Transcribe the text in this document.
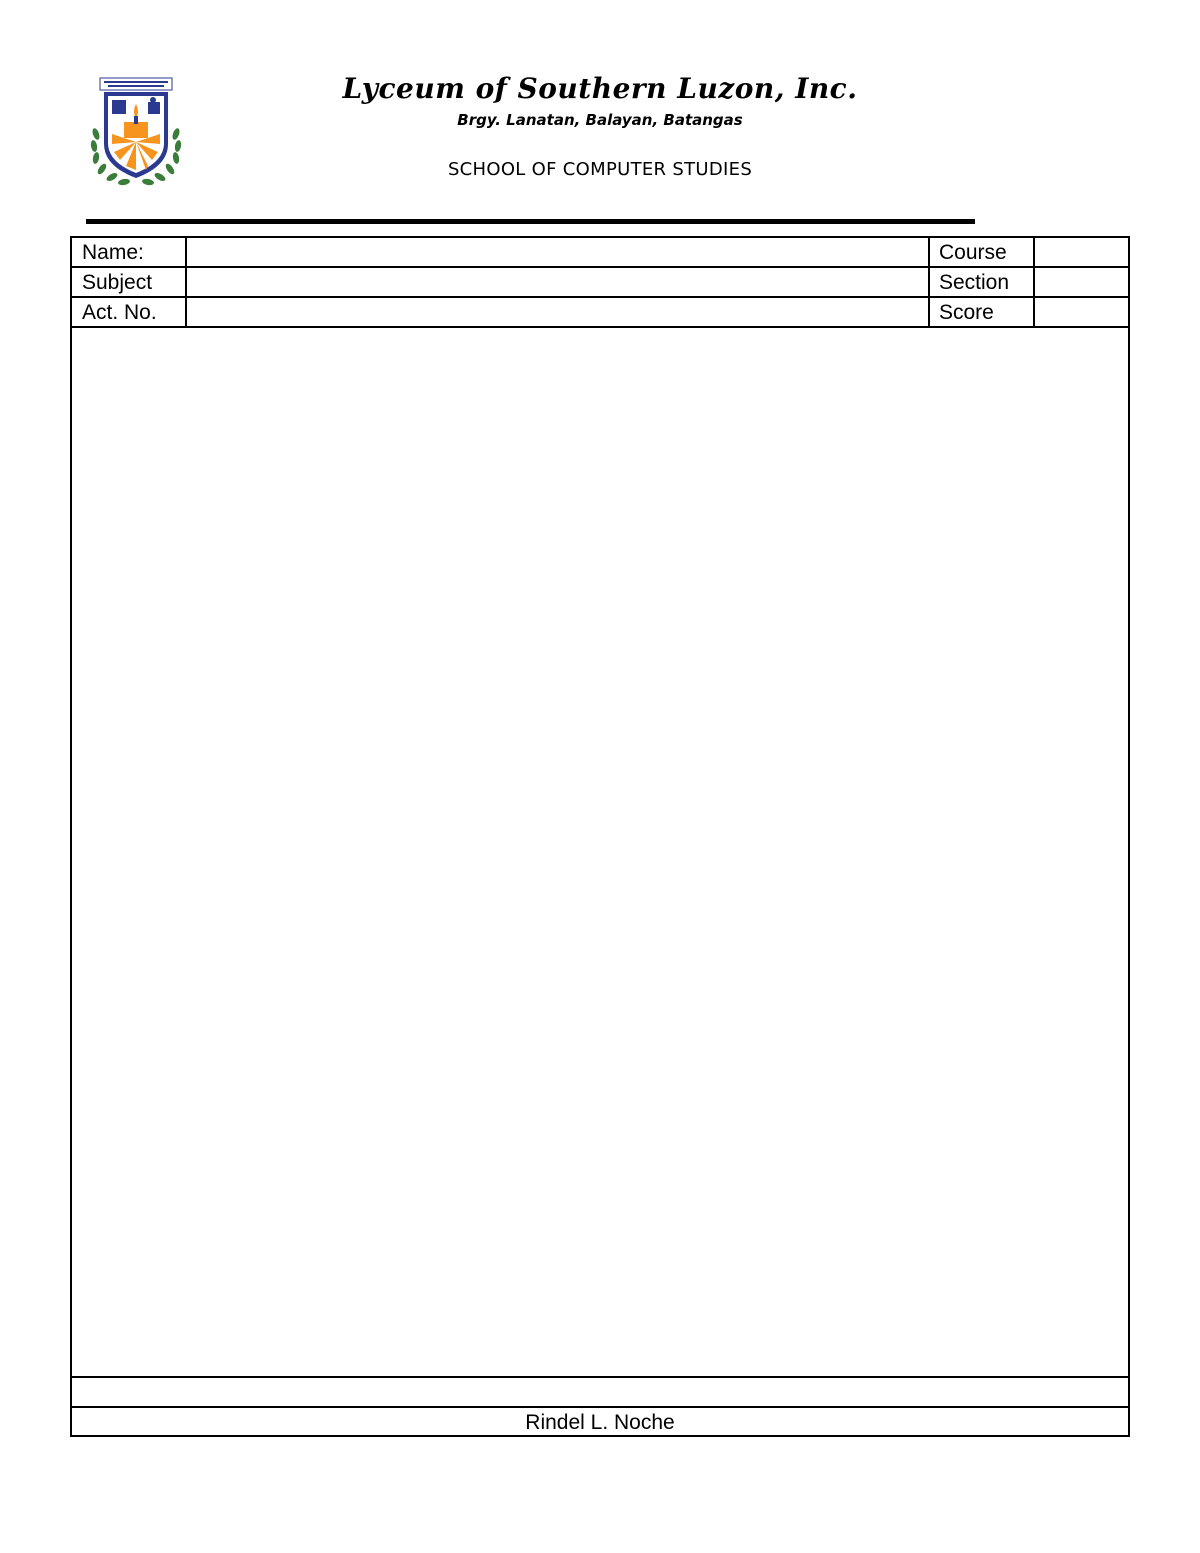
Lyceum of Southern Luzon, Inc.
Brgy. Lanatan, Balayan, Batangas
SCHOOL OF COMPUTER STUDIES
Name:	Course
Subject	Section
Act. No.	Score
Rindel L. Noche
